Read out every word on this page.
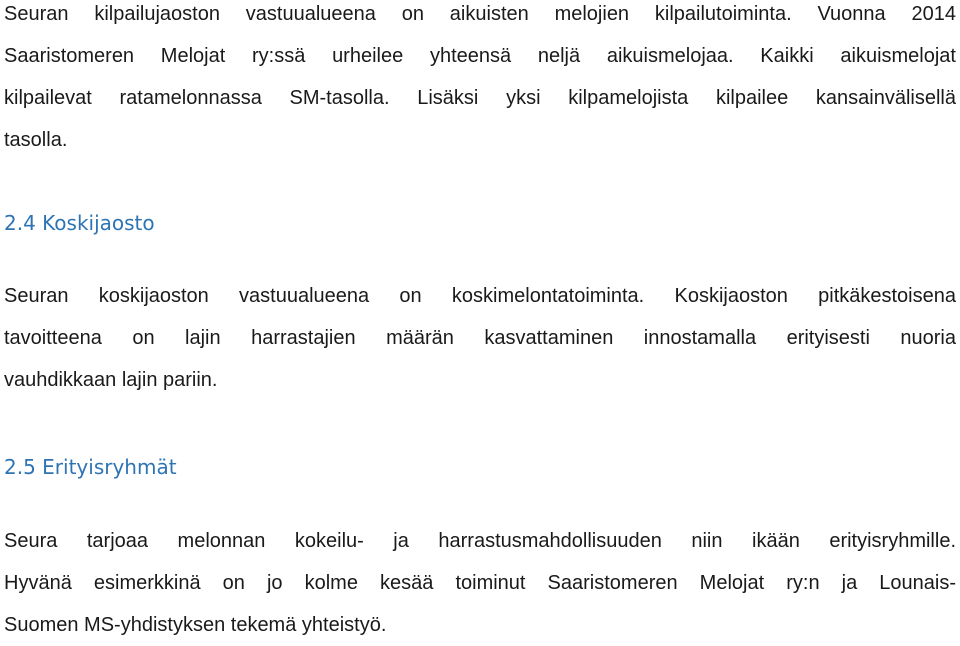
Seuran kilpailujaoston vastuualueena on aikuisten melojien kilpailutoiminta. Vuonna 2014
Saaristomeren Melojat ry:ssä urheilee yhteensä neljä aikuismelojaa. Kaikki aikuismelojat
kilpailevat ratamelonnassa SM-tasolla. Lisäksi yksi kilpamelojista kilpailee kansainvälisellä
tasolla.

2.4 Koskijaosto

Seuran koskijaoston vastuualueena on koskimelontatoiminta. Koskijaoston pitkäkestoisena
tavoitteena on lajin harrastajien määrän kasvattaminen innostamalla erityisesti nuoria
vauhdikkaan lajin pariin.

2.5 Erityisryhmät

Seura tarjoaa melonnan kokeilu- ja harrastusmahdollisuuden niin ikään erityisryhmille.
Hyvänä esimerkkinä on jo kolme kesää toiminut Saaristomeren Melojat ry:n ja Lounais-
Suomen MS-yhdistyksen tekemä yhteistyö.
